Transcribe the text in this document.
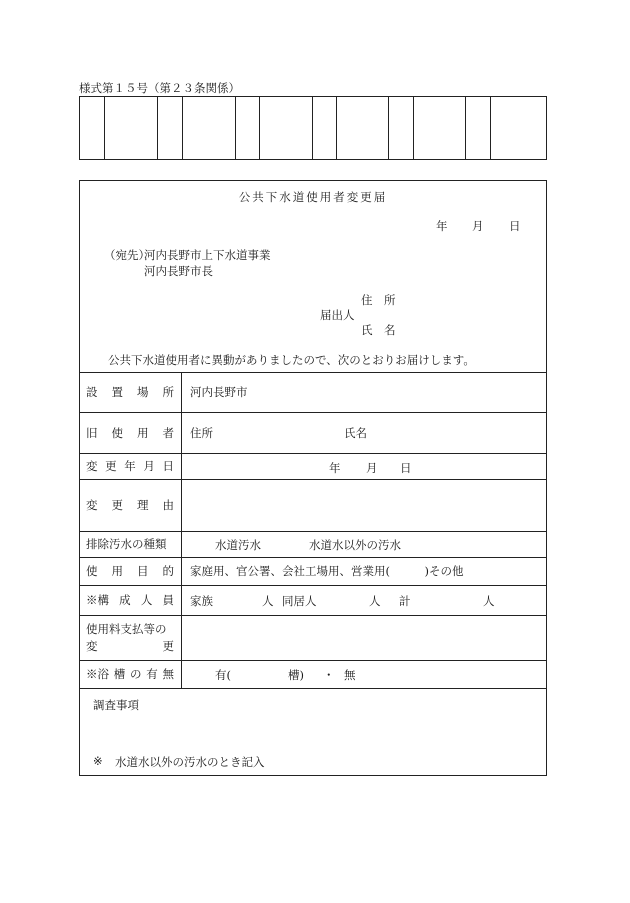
様式第１５号（第２３条関係）
公共下水道使用者変更届
年 月 日
（宛先）
河内長野市上下水道事業
河内長野市長
住　所
届出人
氏　名
公共下水道使用者に異動がありましたので、次のとおりお届けします。
設 置 場 所 河内長野市
旧 使 用 者 住所	氏名
変 更 年 月 日	年 月 日
変 更 理 由
排除汚水の種類	水道汚水	水道水以外の汚水
使 用 目 的 家庭用、官公署、会社工場用、営業用(　　　)その他
※構 成 人 員 家族	人 同居人	人 計	人
使用料支払等の
変	更
※浴 槽 の 有 無	有(	槽) ・ 無
調査事項
※ 水道水以外の汚水のとき記入
